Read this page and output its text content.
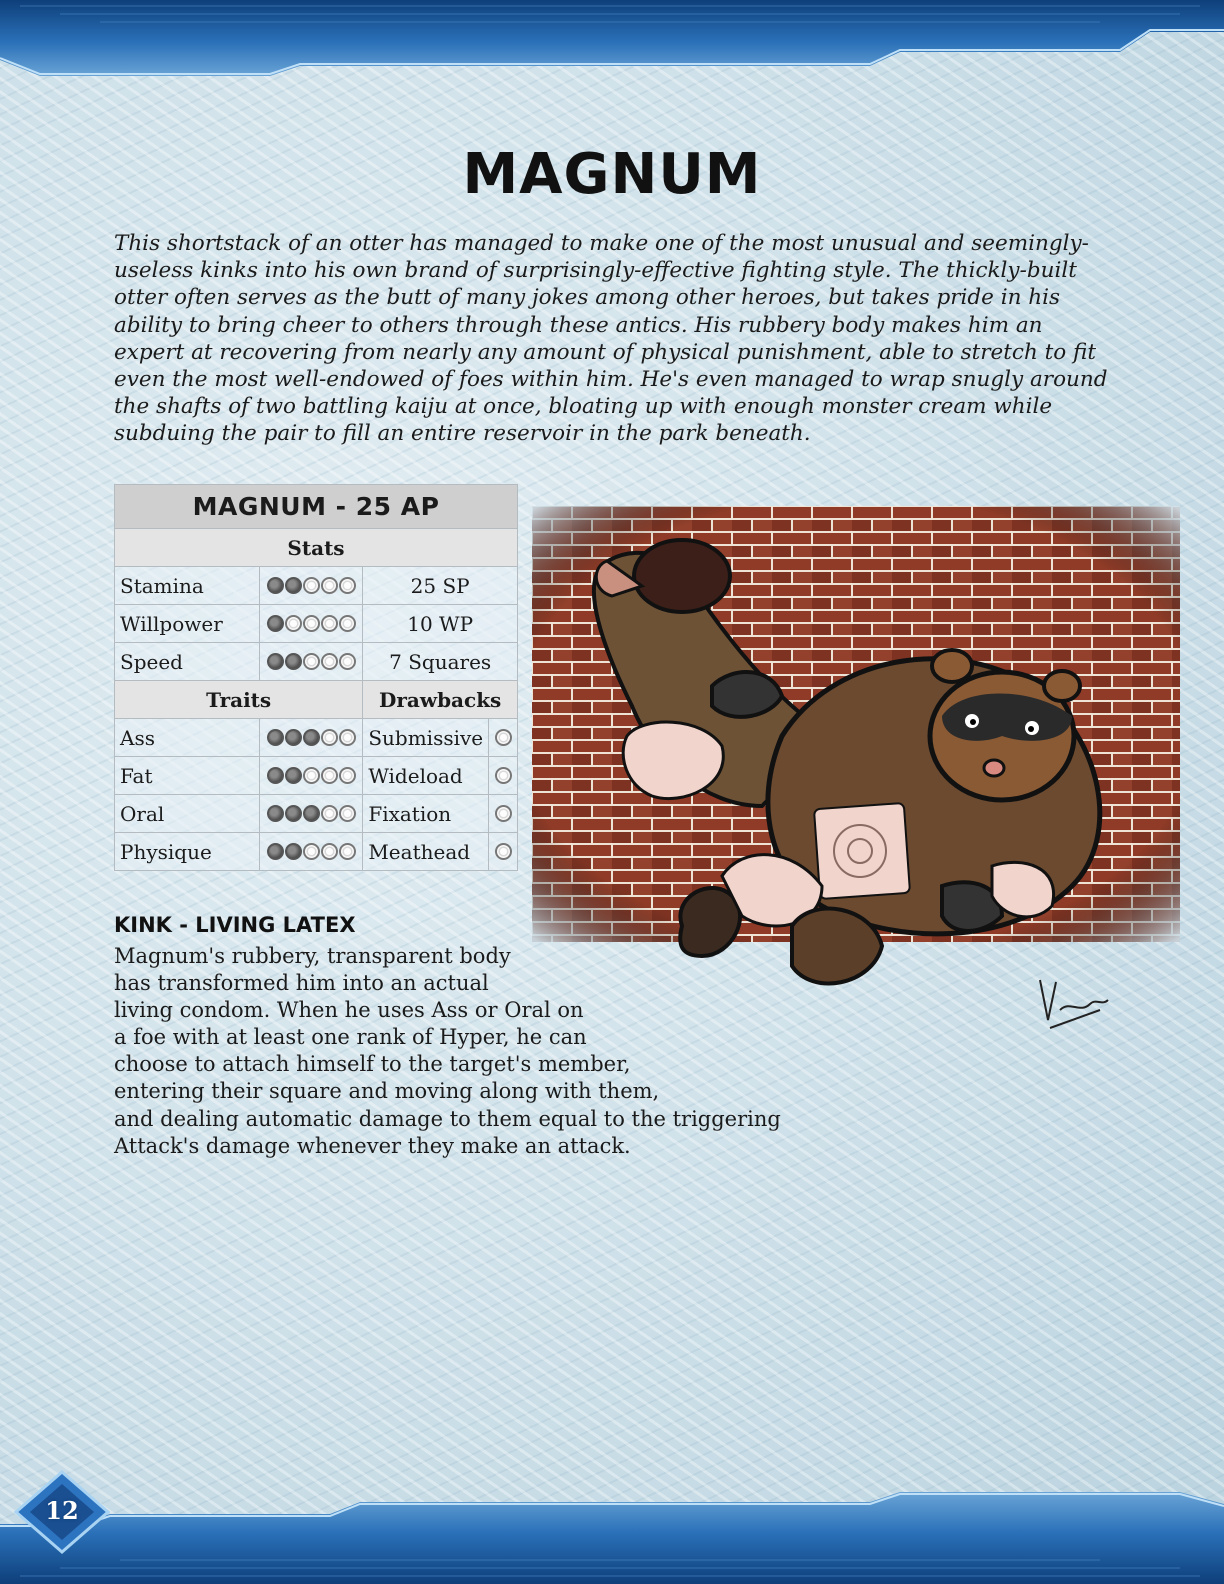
12
MAGNUM

This shortstack of an otter has managed to make one of the most unusual and seemingly-useless kinks into his own brand of surprisingly-effective fighting style. The thickly-built otter often serves as the butt of many jokes among other heroes, but takes pride in his ability to bring cheer to others through these antics. His rubbery body makes him an expert at recovering from nearly any amount of physical punishment, able to stretch to fit even the most well-endowed of foes within him. He's even managed to wrap snugly around the shafts of two battling kaiju at once, bloating up with enough monster cream while subduing the pair to fill an entire reservoir in the park beneath.

MAGNUM - 25 AP			
Stats			
Stamina		25 SP	
Willpower		10 WP	
Speed		7 Squares	
Traits		Drawbacks	
Ass		Submissive	

Fat		Wideload	

Oral		Fixation	

Physique		Meathead	
KINK - LIVING LATEX
Magnum's rubbery, transparent body
has transformed him into an actual
living condom. When he uses Ass or Oral on
a foe with at least one rank of Hyper, he can
choose to attach himself to the target's member,
entering their square and moving along with them,
and dealing automatic damage to them equal to the triggering
Attack's damage whenever they make an attack.
